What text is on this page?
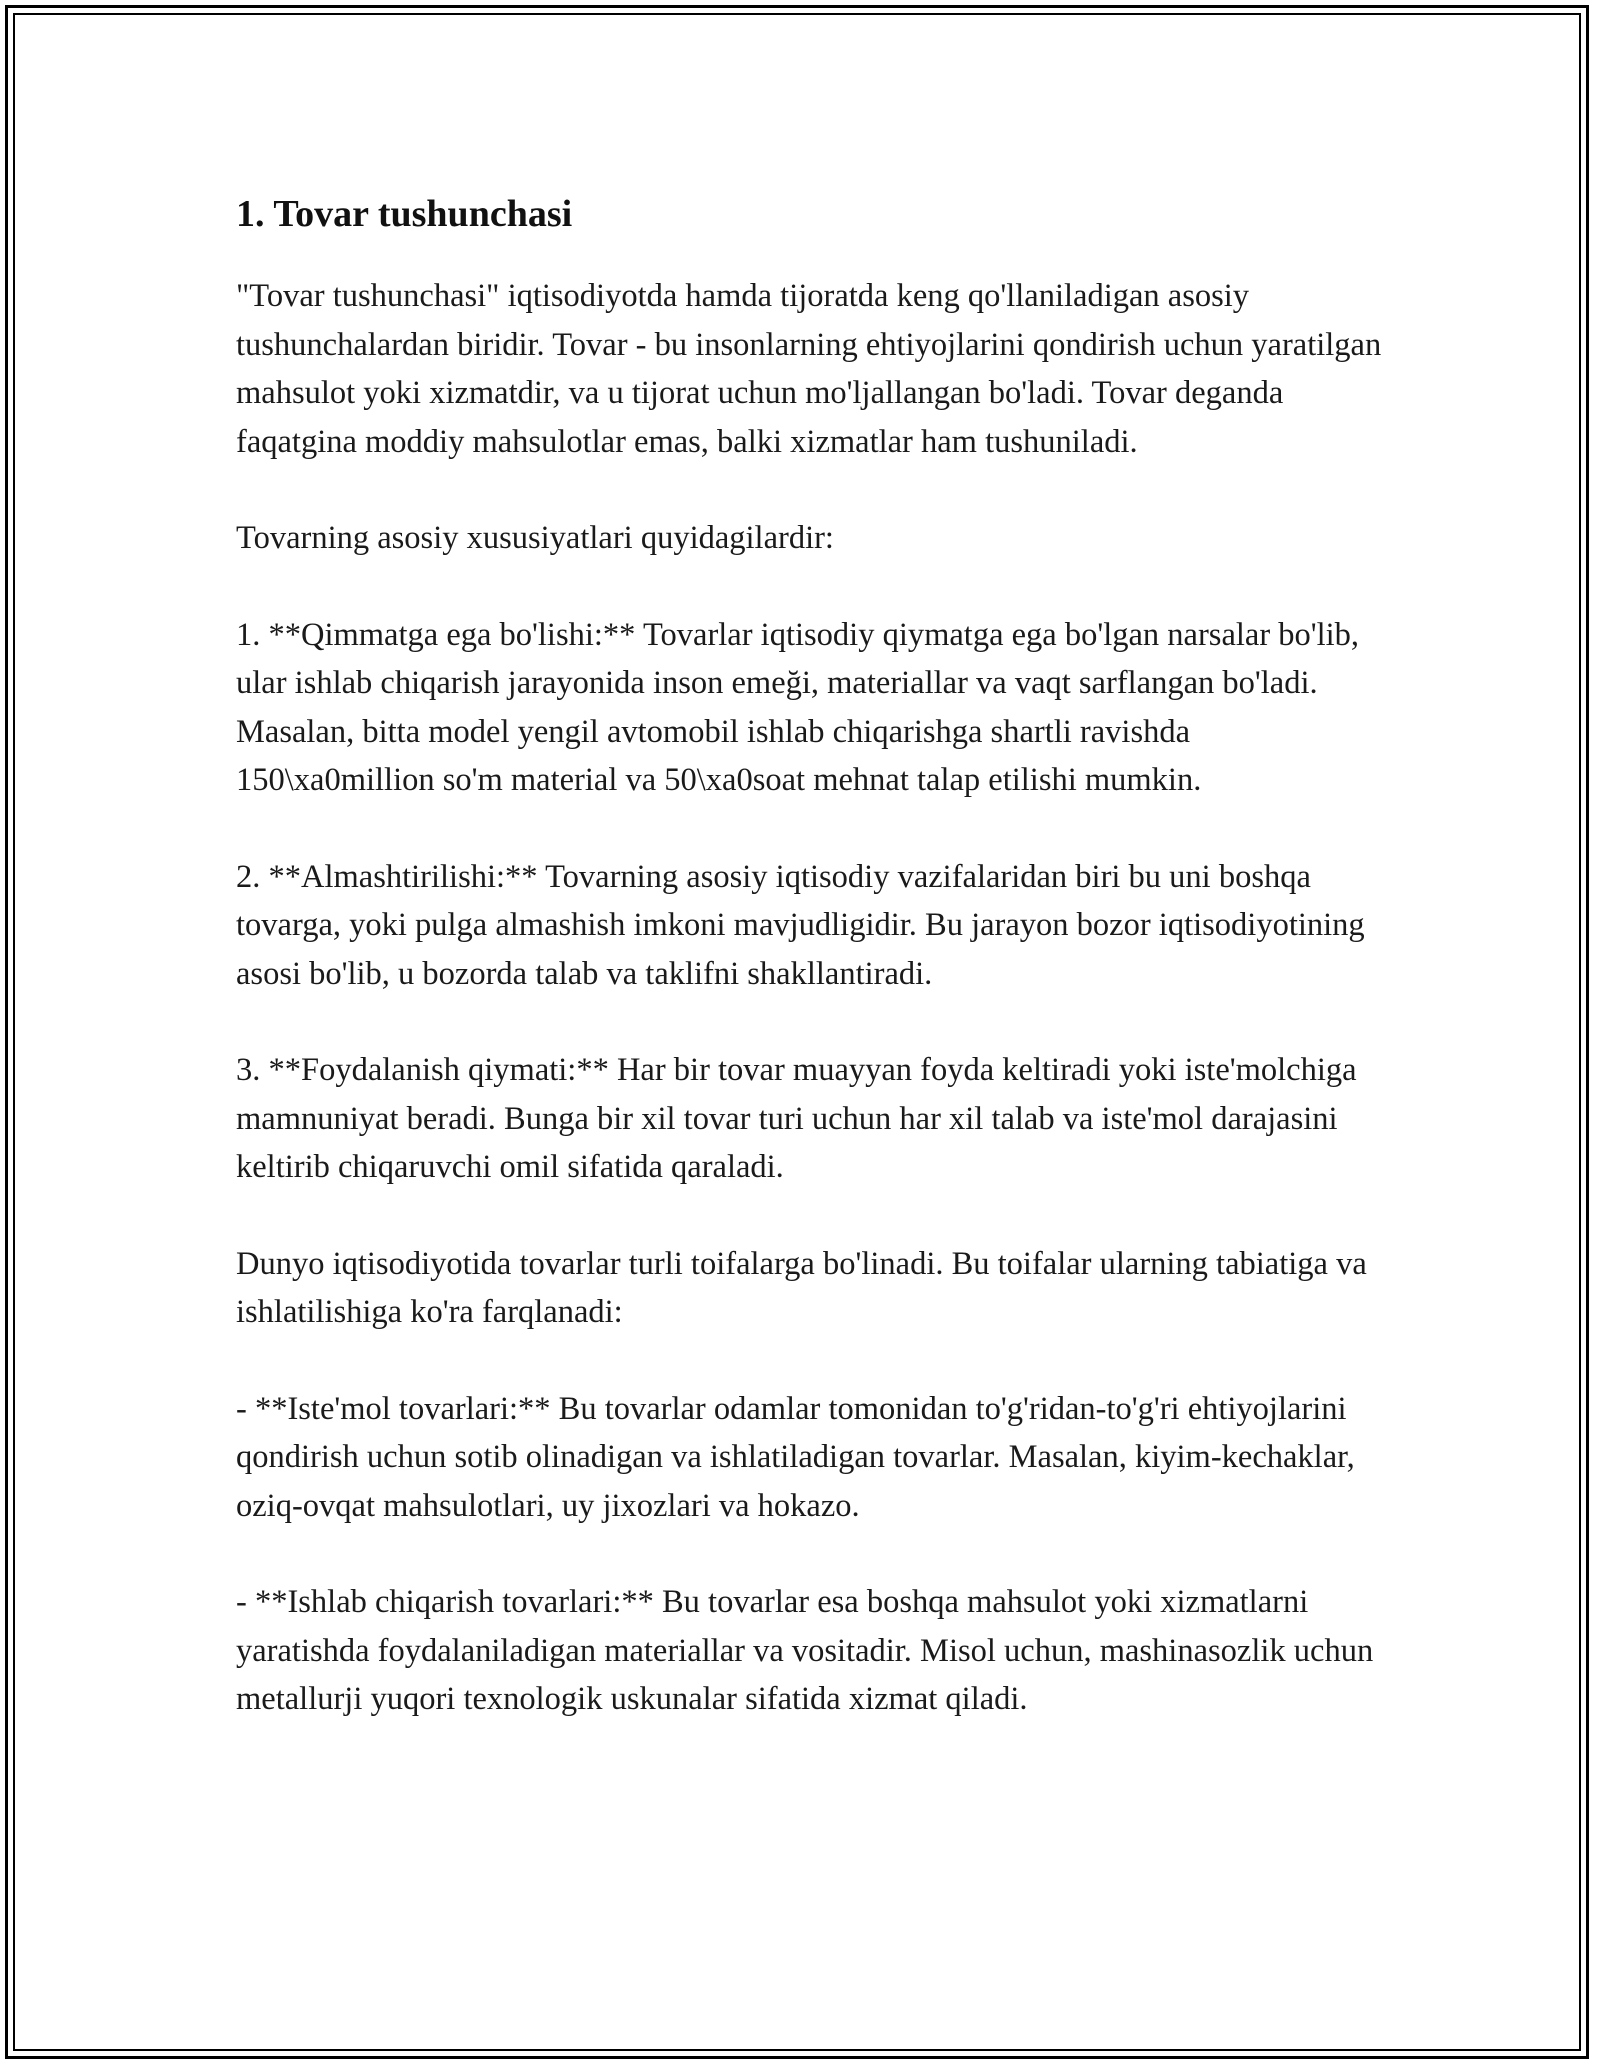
1. Tovar tushunchasi

"Tovar tushunchasi" iqtisodiyotda hamda tijoratda keng qo'llaniladigan asosiy tushunchalardan biridir. Tovar - bu insonlarning ehtiyojlarini qondirish uchun yaratilgan mahsulot yoki xizmatdir, va u tijorat uchun mo'ljallangan bo'ladi. Tovar deganda faqatgina moddiy mahsulotlar emas, balki xizmatlar ham tushuniladi.

Tovarning asosiy xususiyatlari quyidagilardir:

1. **Qimmatga ega bo'lishi:** Tovarlar iqtisodiy qiymatga ega bo'lgan narsalar bo'lib, ular ishlab chiqarish jarayonida inson emeği, materiallar va vaqt sarflangan bo'ladi. Masalan, bitta model yengil avtomobil ishlab chiqarishga shartli ravishda 150\xa0million so'm material va 50\xa0soat mehnat talap etilishi mumkin.

2. **Almashtirilishi:** Tovarning asosiy iqtisodiy vazifalaridan biri bu uni boshqa tovarga, yoki pulga almashish imkoni mavjudligidir. Bu jarayon bozor iqtisodiyotining asosi bo'lib, u bozorda talab va taklifni shakllantiradi.

3. **Foydalanish qiymati:** Har bir tovar muayyan foyda keltiradi yoki iste'molchiga mamnuniyat beradi. Bunga bir xil tovar turi uchun har xil talab va iste'mol darajasini keltirib chiqaruvchi omil sifatida qaraladi.

Dunyo iqtisodiyotida tovarlar turli toifalarga bo'linadi. Bu toifalar ularning tabiatiga va ishlatilishiga ko'ra farqlanadi:

- **Iste'mol tovarlari:** Bu tovarlar odamlar tomonidan to'g'ridan-to'g'ri ehtiyojlarini qondirish uchun sotib olinadigan va ishlatiladigan tovarlar. Masalan, kiyim-kechaklar, oziq-ovqat mahsulotlari, uy jixozlari va hokazo.

- **Ishlab chiqarish tovarlari:** Bu tovarlar esa boshqa mahsulot yoki xizmatlarni yaratishda foydalaniladigan materiallar va vositadir. Misol uchun, mashinasozlik uchun metallurji yuqori texnologik uskunalar sifatida xizmat qiladi.
